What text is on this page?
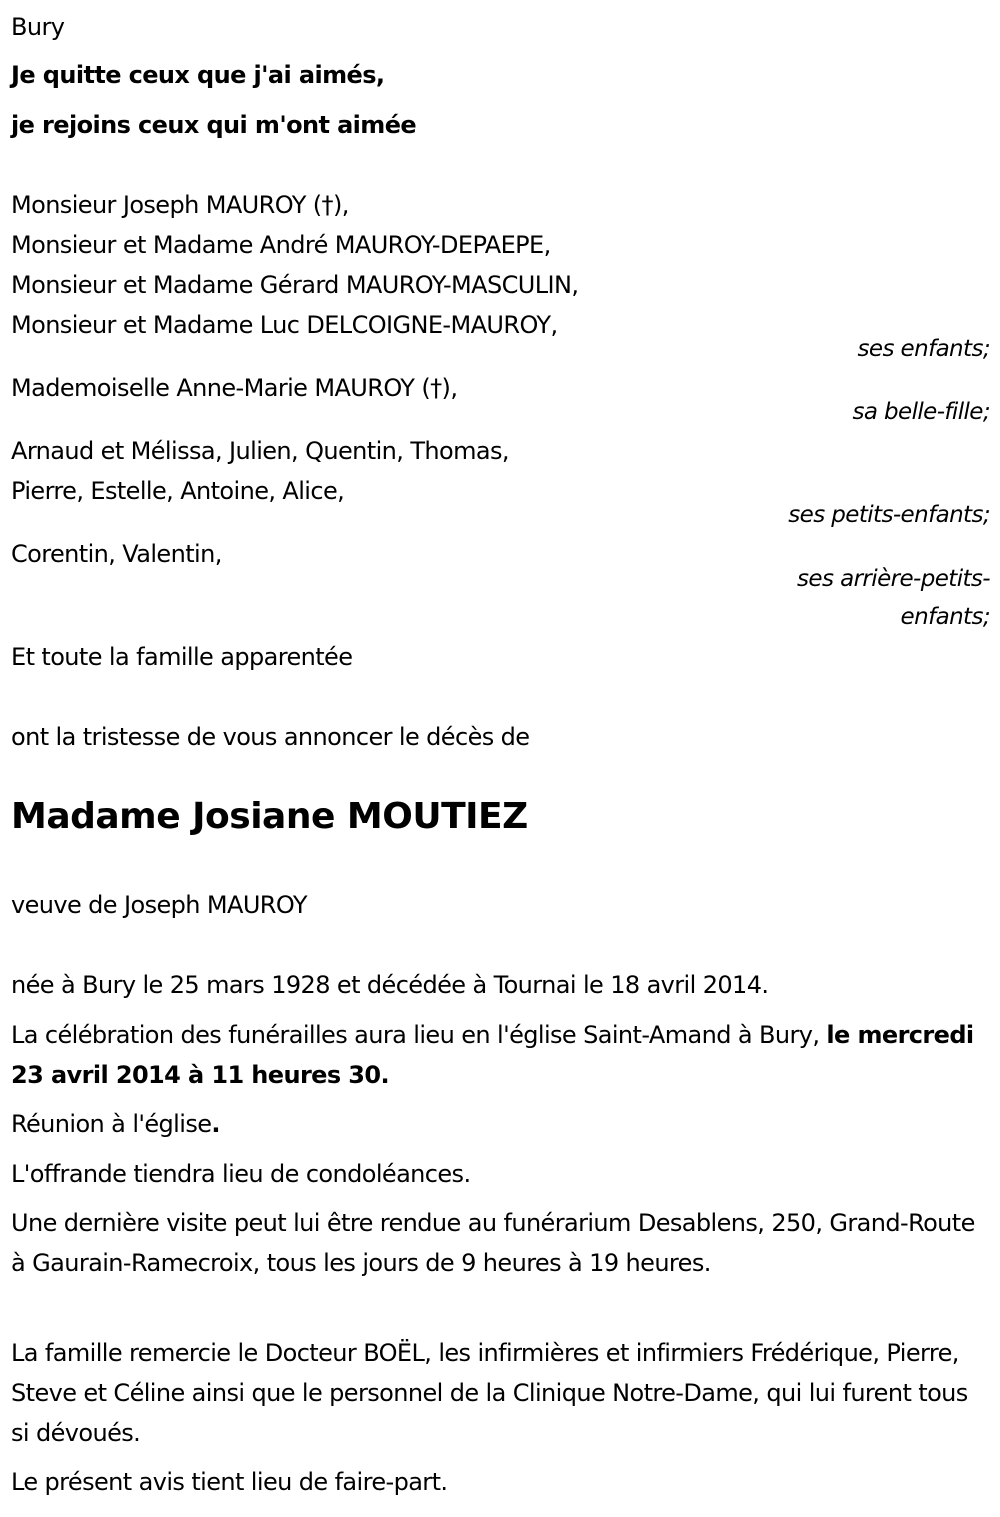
Bury
Je quitte ceux que j'ai aimés,
je rejoins ceux qui m'ont aimée
Monsieur Joseph MAUROY (†),
Monsieur et Madame André MAUROY-DEPAEPE,
Monsieur et Madame Gérard MAUROY-MASCULIN,
Monsieur et Madame Luc DELCOIGNE-MAUROY,
ses enfants;
Mademoiselle Anne-Marie MAUROY (†),
sa belle-fille;
Arnaud et Mélissa, Julien, Quentin, Thomas,
Pierre, Estelle, Antoine, Alice,
ses petits-enfants;
Corentin, Valentin,
ses arrière-petits-
enfants;
Et toute la famille apparentée
ont la tristesse de vous annoncer le décès de
Madame Josiane MOUTIEZ
veuve de Joseph MAUROY
née à Bury le 25 mars 1928 et décédée à Tournai le 18 avril 2014.
La célébration des funérailles aura lieu en l'église Saint-Amand à Bury, le mercredi 23 avril 2014 à 11 heures 30.
Réunion à l'église.
L'offrande tiendra lieu de condoléances.
Une dernière visite peut lui être rendue au funérarium Desablens, 250, Grand-Route à Gaurain-Ramecroix, tous les jours de 9 heures à 19 heures.
La famille remercie le Docteur BOËL, les infirmières et infirmiers Frédérique, Pierre, Steve et Céline ainsi que le personnel de la Clinique Notre-Dame, qui lui furent tous si dévoués.
Le présent avis tient lieu de faire-part.
